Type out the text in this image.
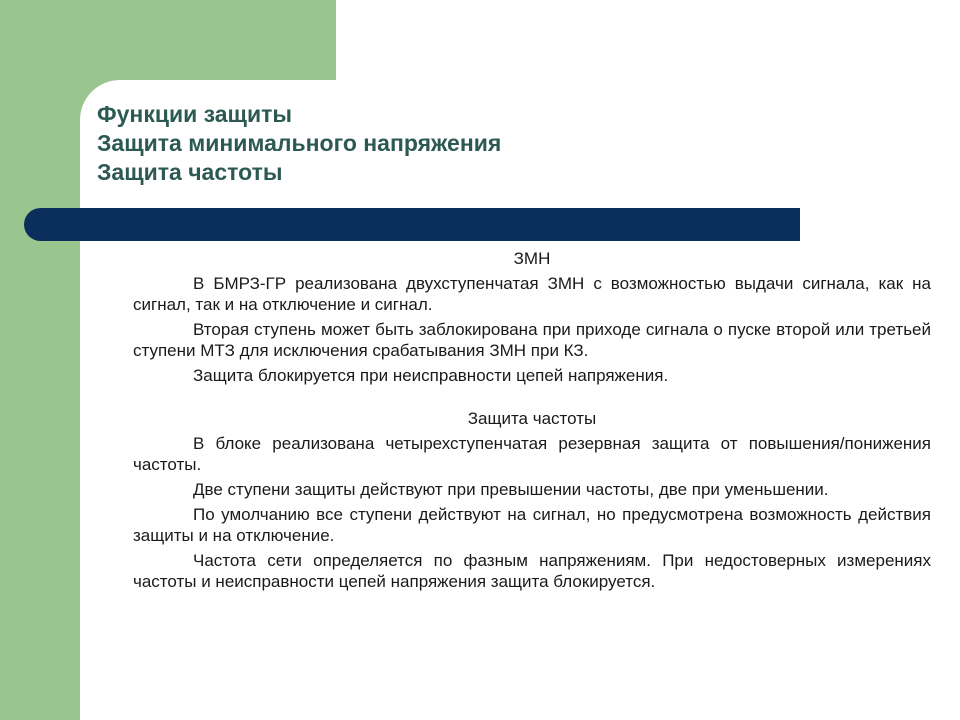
Функции защиты
Защита минимального напряжения
Защита частоты
ЗМН
В БМРЗ-ГР реализована двухступенчатая ЗМН с возможностью выдачи сигнала, как на сигнал, так и на отключение и сигнал.
Вторая ступень может быть заблокирована при приходе сигнала о пуске второй или третьей ступени МТЗ для исключения срабатывания ЗМН при КЗ.
Защита блокируется при неисправности цепей напряжения.
Защита частоты
В блоке реализована четырехступенчатая резервная защита от повышения/понижения частоты.
Две ступени защиты действуют при превышении частоты, две при уменьшении.
По умолчанию все ступени действуют на сигнал, но предусмотрена возможность действия защиты и на отключение.
Частота сети определяется по фазным напряжениям. При недостоверных измерениях частоты и неисправности цепей напряжения защита блокируется.
